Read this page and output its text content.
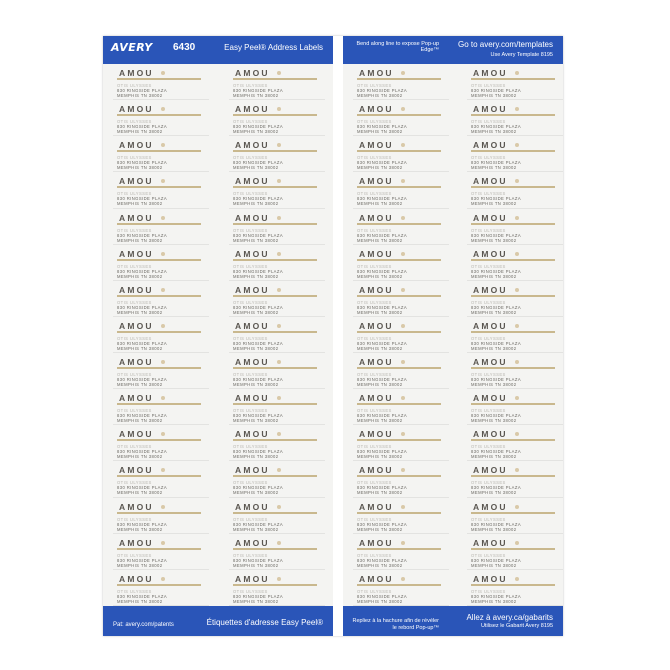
AVERY 6430	Easy Peel® Address Labels	Bend along line to expose Pop-up Edge™
Go to avery.com/templates
Use Avery Template 8195
AMOU
OTIS ULYSSES
830 RINGSIDE PLAZA
MEMPHIS TN 38002
AMOU
OTIS ULYSSES
830 RINGSIDE PLAZA
MEMPHIS TN 38002
AMOU
OTIS ULYSSES
830 RINGSIDE PLAZA
MEMPHIS TN 38002
AMOU
OTIS ULYSSES
830 RINGSIDE PLAZA
MEMPHIS TN 38002
AMOU
OTIS ULYSSES
830 RINGSIDE PLAZA
MEMPHIS TN 38002
AMOU
OTIS ULYSSES
830 RINGSIDE PLAZA
MEMPHIS TN 38002
AMOU
OTIS ULYSSES
830 RINGSIDE PLAZA
MEMPHIS TN 38002
AMOU
OTIS ULYSSES
830 RINGSIDE PLAZA
MEMPHIS TN 38002
AMOU
OTIS ULYSSES
830 RINGSIDE PLAZA
MEMPHIS TN 38002
AMOU
OTIS ULYSSES
830 RINGSIDE PLAZA
MEMPHIS TN 38002
AMOU
OTIS ULYSSES
830 RINGSIDE PLAZA
MEMPHIS TN 38002
AMOU
OTIS ULYSSES
830 RINGSIDE PLAZA
MEMPHIS TN 38002
AMOU
OTIS ULYSSES
830 RINGSIDE PLAZA
MEMPHIS TN 38002
AMOU
OTIS ULYSSES
830 RINGSIDE PLAZA
MEMPHIS TN 38002
AMOU
OTIS ULYSSES
830 RINGSIDE PLAZA
MEMPHIS TN 38002
AMOU
OTIS ULYSSES
830 RINGSIDE PLAZA
MEMPHIS TN 38002
AMOU
OTIS ULYSSES
830 RINGSIDE PLAZA
MEMPHIS TN 38002
AMOU
OTIS ULYSSES
830 RINGSIDE PLAZA
MEMPHIS TN 38002
AMOU
OTIS ULYSSES
830 RINGSIDE PLAZA
MEMPHIS TN 38002
AMOU
OTIS ULYSSES
830 RINGSIDE PLAZA
MEMPHIS TN 38002
AMOU
OTIS ULYSSES
830 RINGSIDE PLAZA
MEMPHIS TN 38002
AMOU
OTIS ULYSSES
830 RINGSIDE PLAZA
MEMPHIS TN 38002
AMOU
OTIS ULYSSES
830 RINGSIDE PLAZA
MEMPHIS TN 38002
AMOU
OTIS ULYSSES
830 RINGSIDE PLAZA
MEMPHIS TN 38002
AMOU
OTIS ULYSSES
830 RINGSIDE PLAZA
MEMPHIS TN 38002
AMOU
OTIS ULYSSES
830 RINGSIDE PLAZA
MEMPHIS TN 38002
AMOU
OTIS ULYSSES
830 RINGSIDE PLAZA
MEMPHIS TN 38002
AMOU
OTIS ULYSSES
830 RINGSIDE PLAZA
MEMPHIS TN 38002
AMOU
OTIS ULYSSES
830 RINGSIDE PLAZA
MEMPHIS TN 38002
AMOU
OTIS ULYSSES
830 RINGSIDE PLAZA
MEMPHIS TN 38002
AMOU
OTIS ULYSSES
830 RINGSIDE PLAZA
MEMPHIS TN 38002
AMOU
OTIS ULYSSES
830 RINGSIDE PLAZA
MEMPHIS TN 38002
AMOU
OTIS ULYSSES
830 RINGSIDE PLAZA
MEMPHIS TN 38002
AMOU
OTIS ULYSSES
830 RINGSIDE PLAZA
MEMPHIS TN 38002
AMOU
OTIS ULYSSES
830 RINGSIDE PLAZA
MEMPHIS TN 38002
AMOU
OTIS ULYSSES
830 RINGSIDE PLAZA
MEMPHIS TN 38002
AMOU
OTIS ULYSSES
830 RINGSIDE PLAZA
MEMPHIS TN 38002
AMOU
OTIS ULYSSES
830 RINGSIDE PLAZA
MEMPHIS TN 38002
AMOU
OTIS ULYSSES
830 RINGSIDE PLAZA
MEMPHIS TN 38002
AMOU
OTIS ULYSSES
830 RINGSIDE PLAZA
MEMPHIS TN 38002
AMOU
OTIS ULYSSES
830 RINGSIDE PLAZA
MEMPHIS TN 38002
AMOU
OTIS ULYSSES
830 RINGSIDE PLAZA
MEMPHIS TN 38002
AMOU
OTIS ULYSSES
830 RINGSIDE PLAZA
MEMPHIS TN 38002
AMOU
OTIS ULYSSES
830 RINGSIDE PLAZA
MEMPHIS TN 38002
AMOU
OTIS ULYSSES
830 RINGSIDE PLAZA
MEMPHIS TN 38002
AMOU
OTIS ULYSSES
830 RINGSIDE PLAZA
MEMPHIS TN 38002
AMOU
OTIS ULYSSES
830 RINGSIDE PLAZA
MEMPHIS TN 38002
AMOU
OTIS ULYSSES
830 RINGSIDE PLAZA
MEMPHIS TN 38002
AMOU
OTIS ULYSSES
830 RINGSIDE PLAZA
MEMPHIS TN 38002
AMOU
OTIS ULYSSES
830 RINGSIDE PLAZA
MEMPHIS TN 38002
AMOU
OTIS ULYSSES
830 RINGSIDE PLAZA
MEMPHIS TN 38002
AMOU
OTIS ULYSSES
830 RINGSIDE PLAZA
MEMPHIS TN 38002
AMOU
OTIS ULYSSES
830 RINGSIDE PLAZA
MEMPHIS TN 38002
AMOU
OTIS ULYSSES
830 RINGSIDE PLAZA
MEMPHIS TN 38002
AMOU
OTIS ULYSSES
830 RINGSIDE PLAZA
MEMPHIS TN 38002
AMOU
OTIS ULYSSES
830 RINGSIDE PLAZA
MEMPHIS TN 38002
AMOU
OTIS ULYSSES
830 RINGSIDE PLAZA
MEMPHIS TN 38002
AMOU
OTIS ULYSSES
830 RINGSIDE PLAZA
MEMPHIS TN 38002
AMOU
OTIS ULYSSES
830 RINGSIDE PLAZA
MEMPHIS TN 38002
AMOU
OTIS ULYSSES
830 RINGSIDE PLAZA
MEMPHIS TN 38002
Pat: avery.com/patents	Étiquettes d'adresse Easy Peel®	Repliez à la hachure afin de révéler le rebord Pop-up™
Allez à avery.ca/gabarits
Utilisez le Gabarit Avery 8195
